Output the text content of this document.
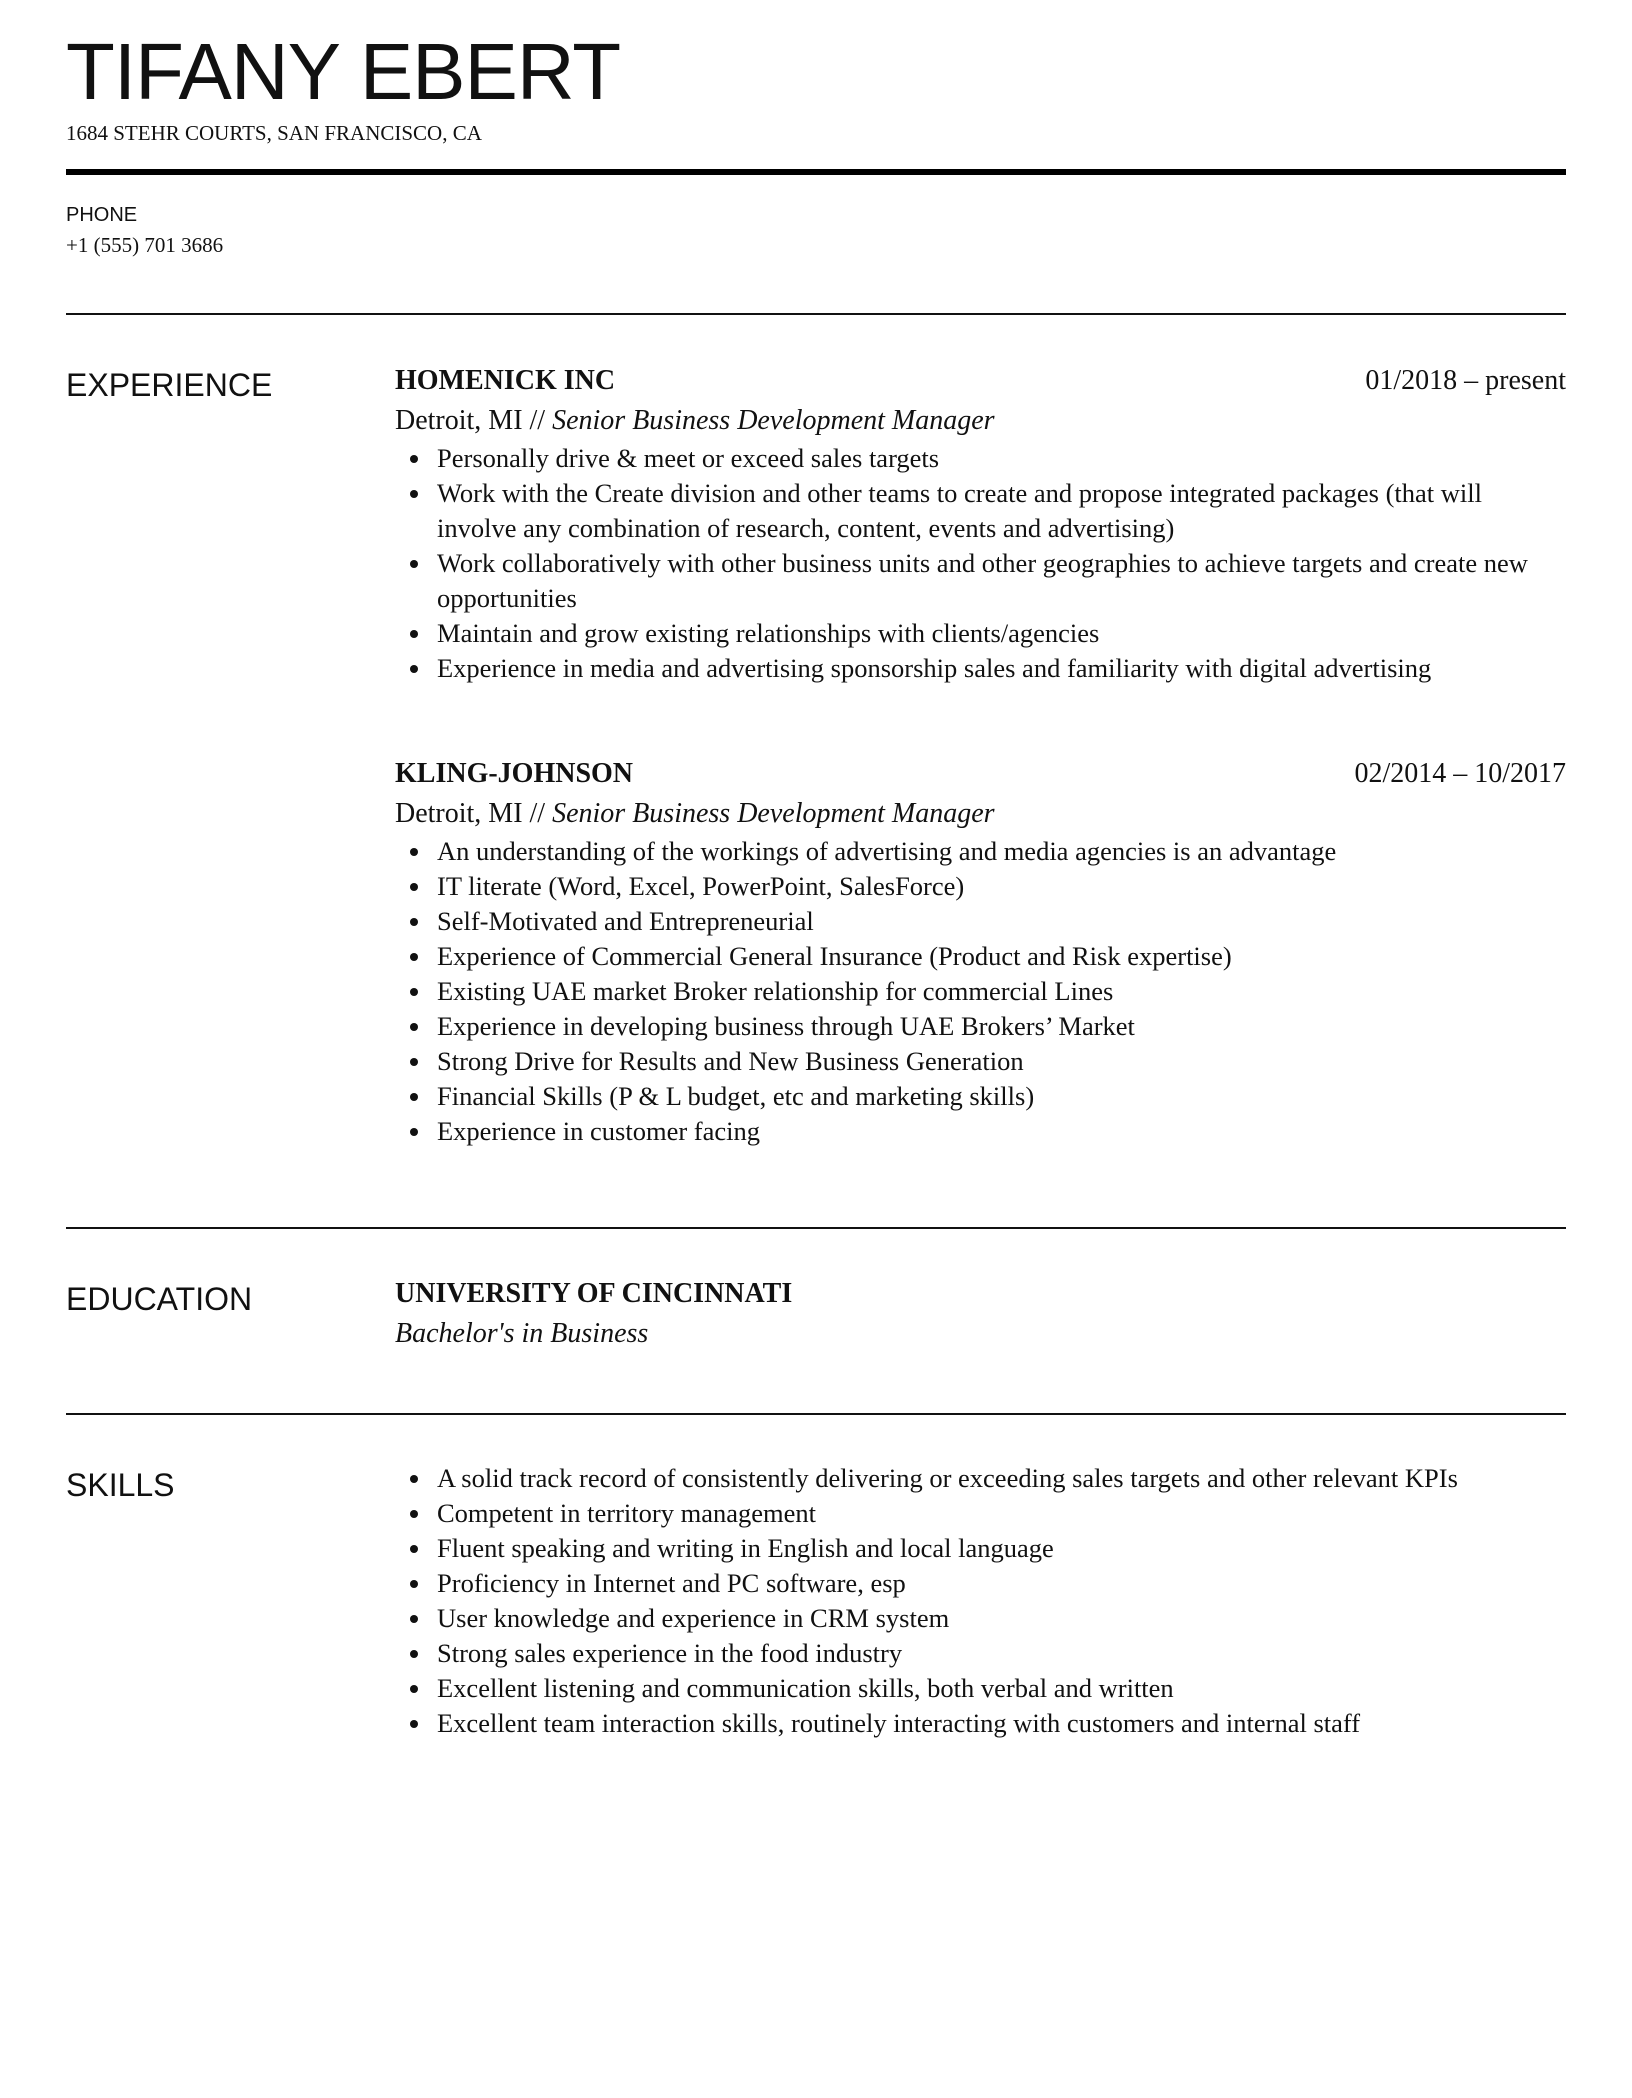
TIFANY EBERT
1684 STEHR COURTS, SAN FRANCISCO, CA
PHONE
+1 (555) 701 3686
EXPERIENCE	HOMENICK INC	01/2018 – present
Detroit, MI // Senior Business Development Manager
Personally drive & meet or exceed sales targets
Work with the Create division and other teams to create and propose integrated packages (that will involve any combination of research, content, events and advertising)
Work collaboratively with other business units and other geographies to achieve targets and create new opportunities
Maintain and grow existing relationships with clients/agencies
Experience in media and advertising sponsorship sales and familiarity with digital advertising
KLING-JOHNSON	02/2014 – 10/2017
Detroit, MI // Senior Business Development Manager
An understanding of the workings of advertising and media agencies is an advantage
IT literate (Word, Excel, PowerPoint, SalesForce)
Self-Motivated and Entrepreneurial
Experience of Commercial General Insurance (Product and Risk expertise)
Existing UAE market Broker relationship for commercial Lines
Experience in developing business through UAE Brokers’ Market
Strong Drive for Results and New Business Generation
Financial Skills (P & L budget, etc and marketing skills)
Experience in customer facing
EDUCATION	UNIVERSITY OF CINCINNATI
Bachelor's in Business
SKILLS	A solid track record of consistently delivering or exceeding sales targets and other relevant KPIs
Competent in territory management
Fluent speaking and writing in English and local language
Proficiency in Internet and PC software, esp
User knowledge and experience in CRM system
Strong sales experience in the food industry
Excellent listening and communication skills, both verbal and written
Excellent team interaction skills, routinely interacting with customers and internal staff
